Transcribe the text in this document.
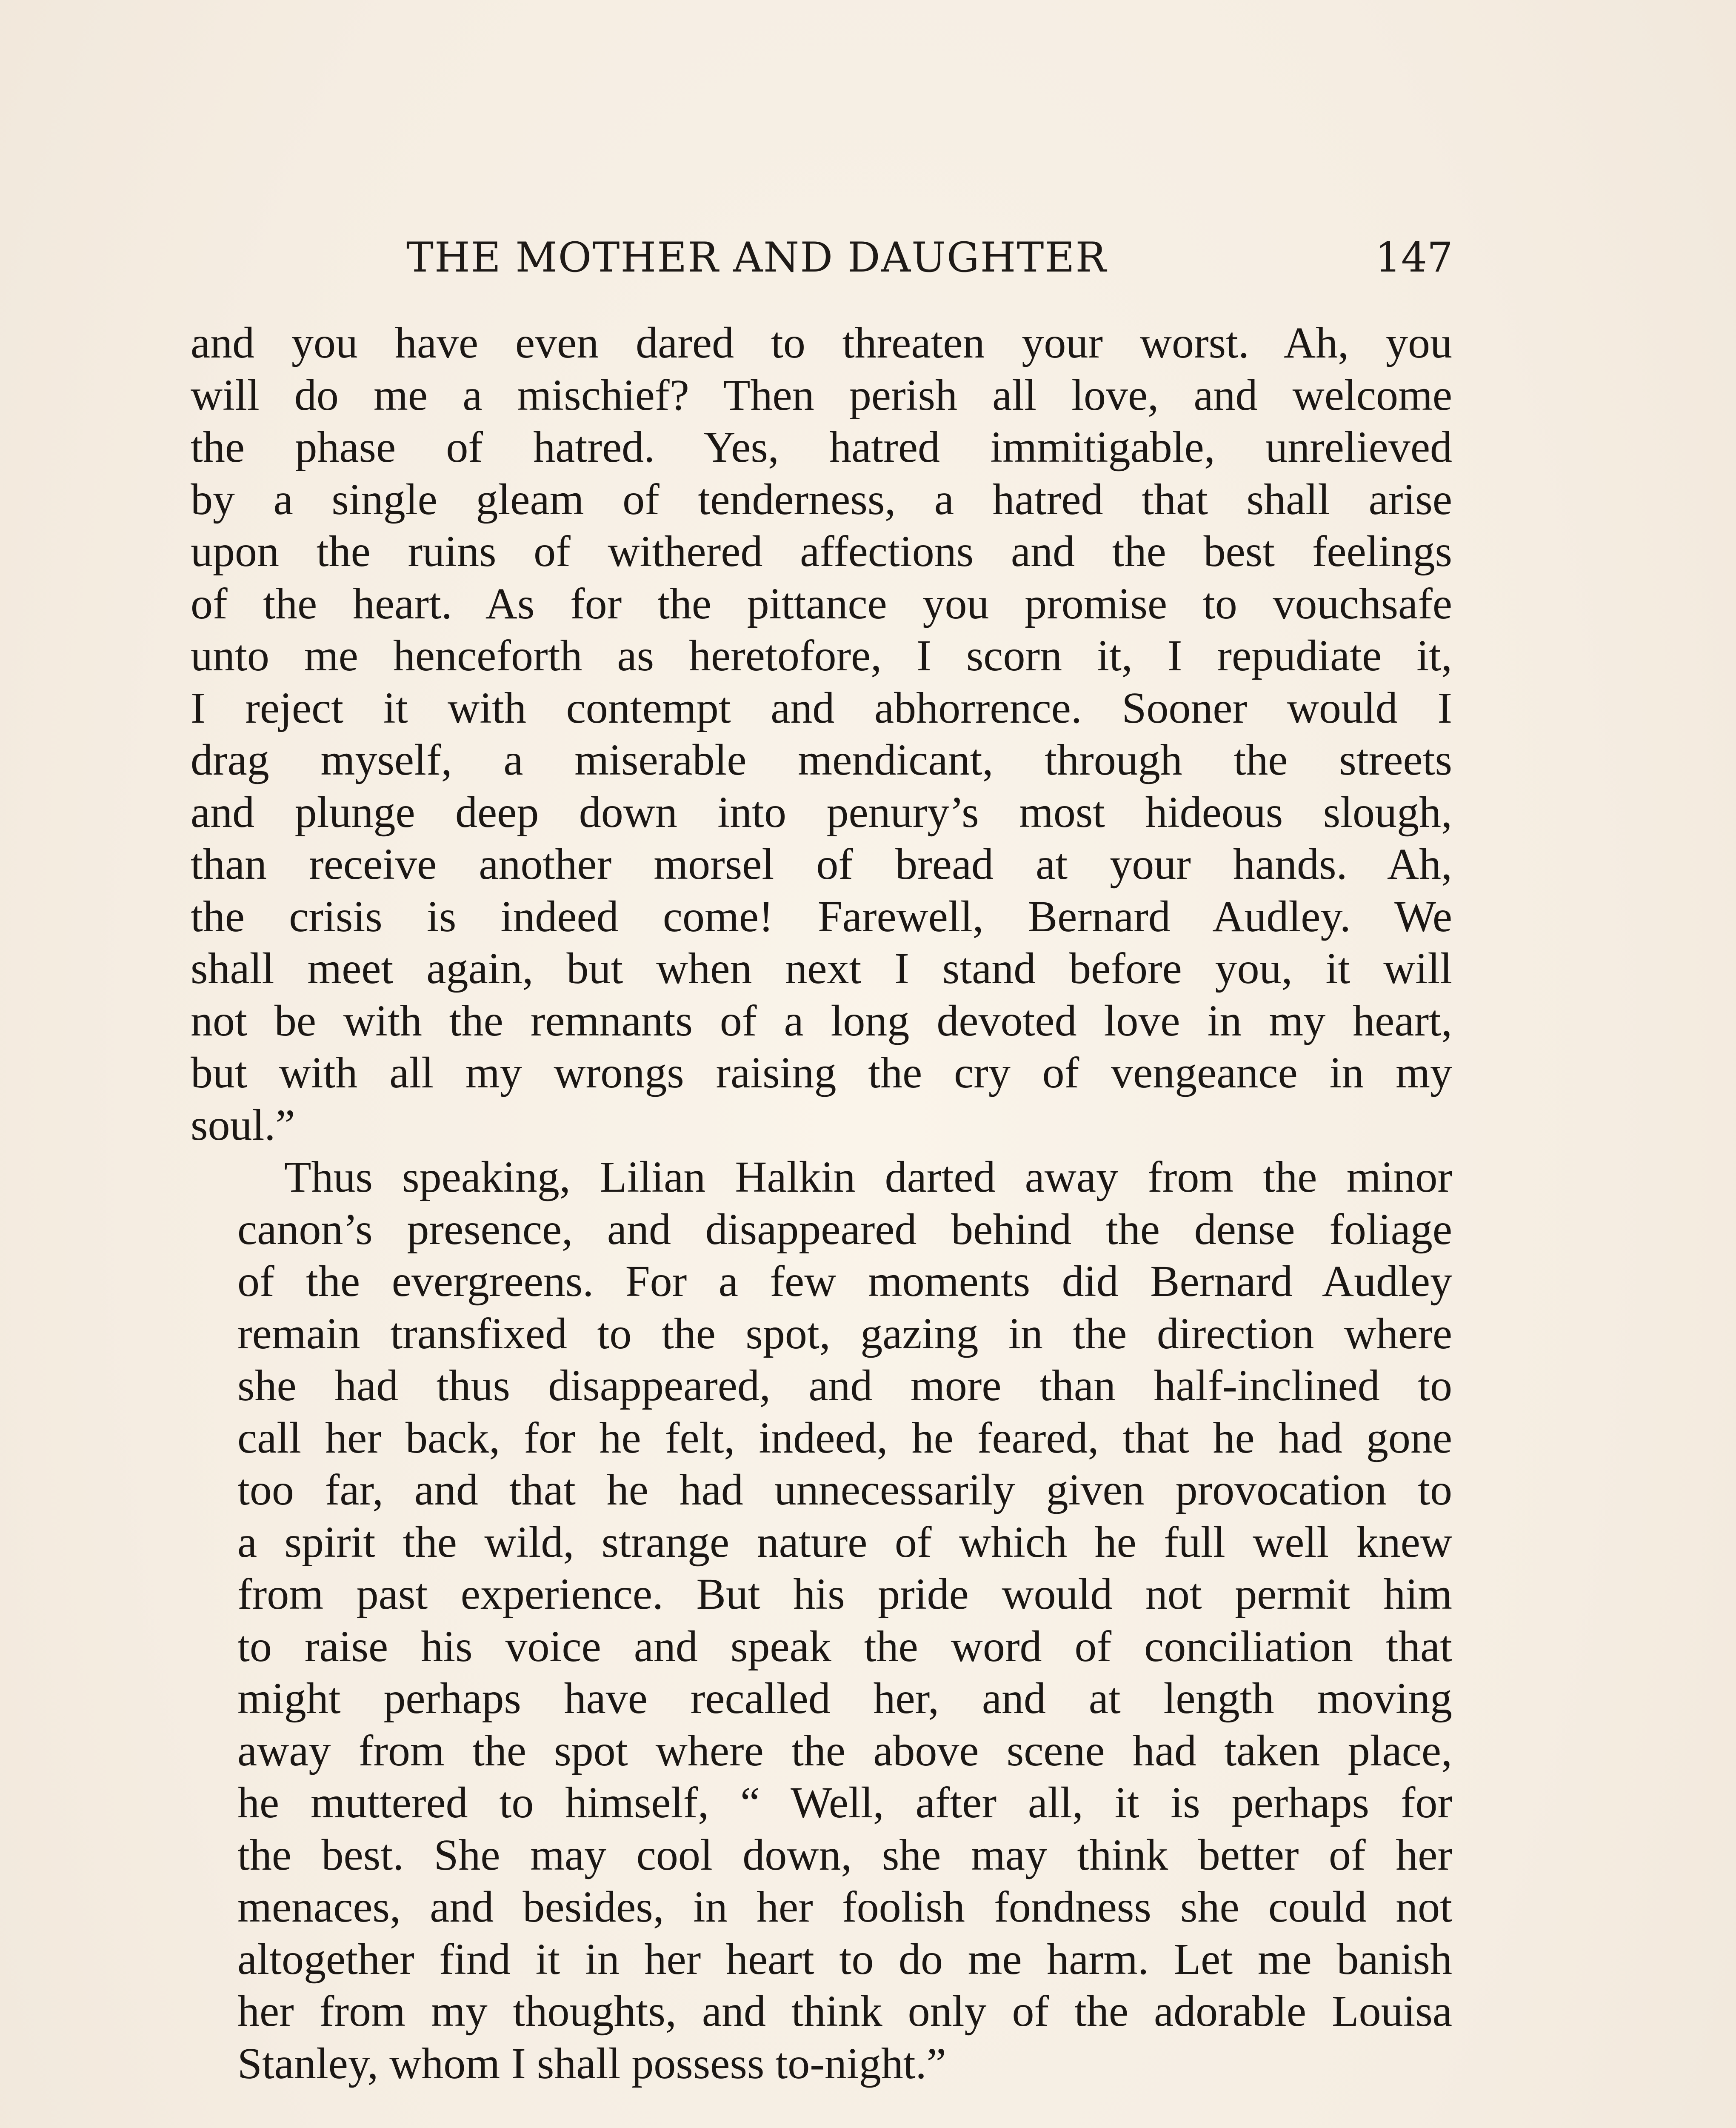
THE MOTHER AND DAUGHTER	147

and you have even dared to threaten your worst. Ah, you
will do me a mischief? Then perish all love, and welcome
the phase of hatred. Yes, hatred immitigable, unrelieved
by a single gleam of tenderness, a hatred that shall arise
upon the ruins of withered affections and the best feelings
of the heart. As for the pittance you promise to vouchsafe
unto me henceforth as heretofore, I scorn it, I repudiate it,
I reject it with contempt and abhorrence. Sooner would I
drag myself, a miserable mendicant, through the streets
and plunge deep down into penury’s most hideous slough,
than receive another morsel of bread at your hands. Ah,
the crisis is indeed come! Farewell, Bernard Audley. We
shall meet again, but when next I stand before you, it will
not be with the remnants of a long devoted love in my heart,
but with all my wrongs raising the cry of vengeance in my
soul.”

Thus speaking, Lilian Halkin darted away from the minor
canon’s presence, and disappeared behind the dense foliage
of the evergreens. For a few moments did Bernard Audley
remain transfixed to the spot, gazing in the direction where
she had thus disappeared, and more than half-inclined to
call her back, for he felt, indeed, he feared, that he had gone
too far, and that he had unnecessarily given provocation to
a spirit the wild, strange nature of which he full well knew
from past experience. But his pride would not permit him
to raise his voice and speak the word of conciliation that
might perhaps have recalled her, and at length moving
away from the spot where the above scene had taken place,
he muttered to himself, “ Well, after all, it is perhaps for
the best. She may cool down, she may think better of her
menaces, and besides, in her foolish fondness she could not
altogether find it in her heart to do me harm. Let me banish
her from my thoughts, and think only of the adorable Louisa
Stanley, whom I shall possess to-night.”
